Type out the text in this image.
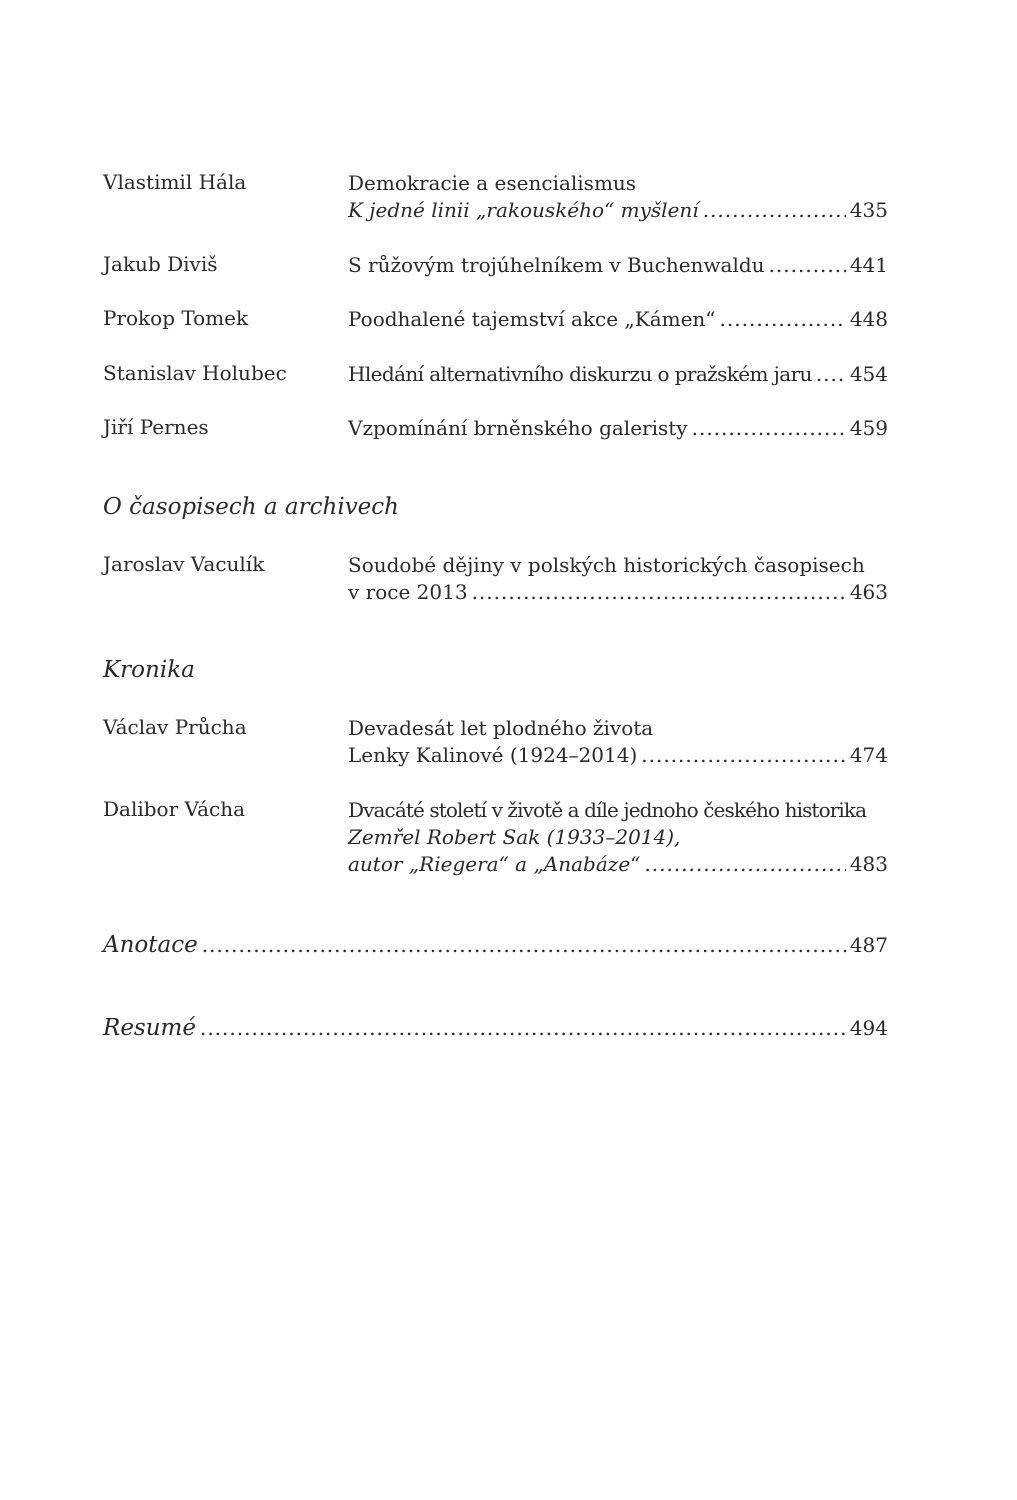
Vlastimil Hála	Demokracie a esencialismus
K jedné linii „rakouského“ myšlení .....	435
Jakub Diviš	S růžovým trojúhelníkem v Buchenwaldu .....	441
Prokop Tomek	Poodhalené tajemství akce „Kámen“ .....	448
Stanislav Holubec	Hledání alternativního diskurzu o pražském jaru ..... 454
Jiří Pernes	Vzpomínání brněnského galeristy .....	459
O časopisech a archivech
Jaroslav Vaculík	Soudobé dějiny v polských historických časopisech
v roce 2013 .....	463
Kronika
Václav Průcha	Devadesát let plodného života
Lenky Kalinové (1924–2014) .....	474
Dalibor Vácha	Dvacáté století v životě a díle jednoho českého historika
Zemřel Robert Sak (1933–2014),
autor „Riegera“ a „Anabáze“ .....	483
Anotace .....	487
Resumé .....	494
